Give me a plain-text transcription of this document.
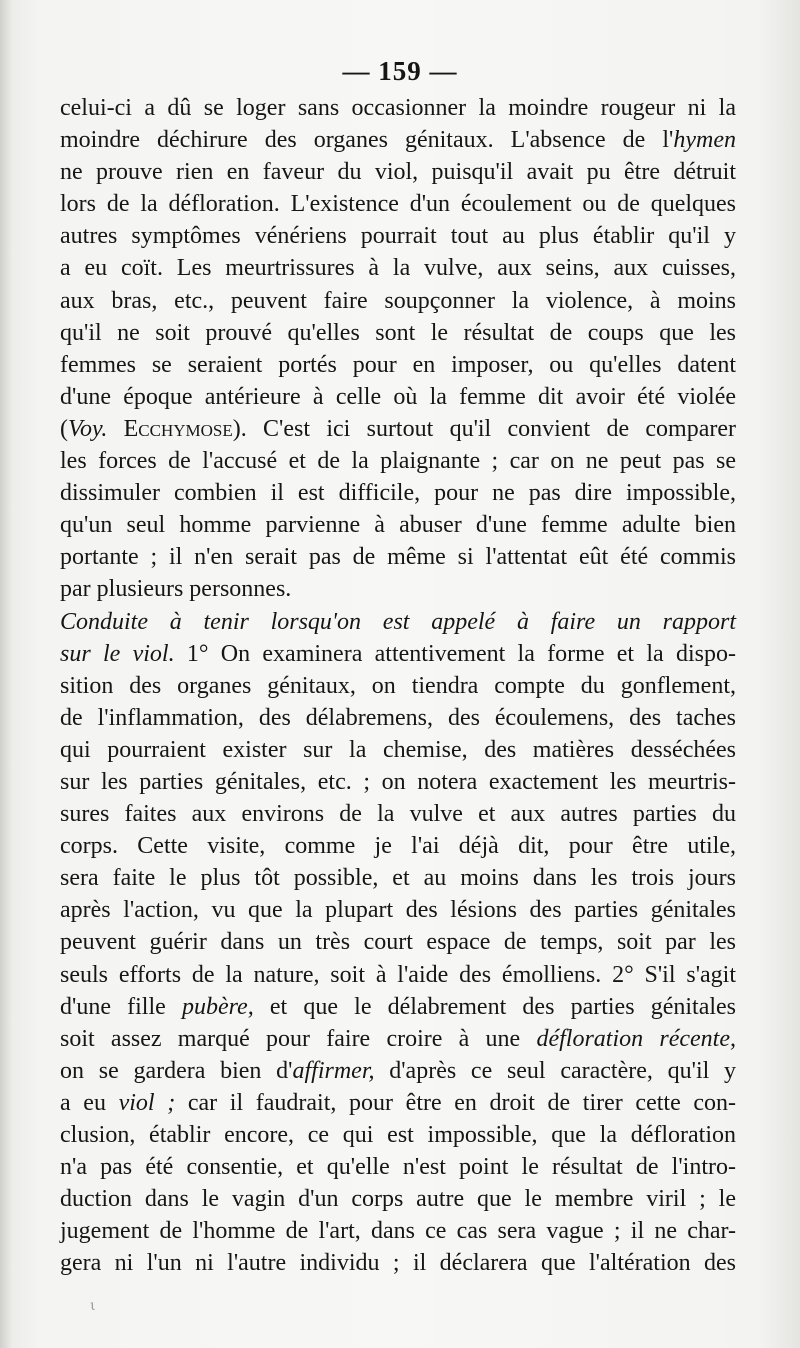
— 159 —
celui-ci a dû se loger sans occasionner la moindre rougeur ni la
moindre déchirure des organes génitaux. L'absence de l'hymen
ne prouve rien en faveur du viol, puisqu'il avait pu être détruit
lors de la défloration. L'existence d'un écoulement ou de quelques
autres symptômes vénériens pourrait tout au plus établir qu'il y
a eu coït. Les meurtrissures à la vulve, aux seins, aux cuisses,
aux bras, etc., peuvent faire soupçonner la violence, à moins
qu'il ne soit prouvé qu'elles sont le résultat de coups que les
femmes se seraient portés pour en imposer, ou qu'elles datent
d'une époque antérieure à celle où la femme dit avoir été violée
(Voy. Ecchymose). C'est ici surtout qu'il convient de comparer
les forces de l'accusé et de la plaignante ; car on ne peut pas se
dissimuler combien il est difficile, pour ne pas dire impossible,
qu'un seul homme parvienne à abuser d'une femme adulte bien
portante ; il n'en serait pas de même si l'attentat eût été commis
par plusieurs personnes.
Conduite à tenir lorsqu'on est appelé à faire un rapport
sur le viol. 1° On examinera attentivement la forme et la dispo-
sition des organes génitaux, on tiendra compte du gonflement,
de l'inflammation, des délabremens, des écoulemens, des taches
qui pourraient exister sur la chemise, des matières desséchées
sur les parties génitales, etc. ; on notera exactement les meurtris-
sures faites aux environs de la vulve et aux autres parties du
corps. Cette visite, comme je l'ai déjà dit, pour être utile,
sera faite le plus tôt possible, et au moins dans les trois jours
après l'action, vu que la plupart des lésions des parties génitales
peuvent guérir dans un très court espace de temps, soit par les
seuls efforts de la nature, soit à l'aide des émolliens. 2° S'il s'agit
d'une fille pubère, et que le délabrement des parties génitales
soit assez marqué pour faire croire à une défloration récente,
on se gardera bien d'affirmer, d'après ce seul caractère, qu'il y
a eu viol ; car il faudrait, pour être en droit de tirer cette con-
clusion, établir encore, ce qui est impossible, que la défloration
n'a pas été consentie, et qu'elle n'est point le résultat de l'intro-
duction dans le vagin d'un corps autre que le membre viril ; le
jugement de l'homme de l'art, dans ce cas sera vague ; il ne char-
gera ni l'un ni l'autre individu ; il déclarera que l'altération des
ι
